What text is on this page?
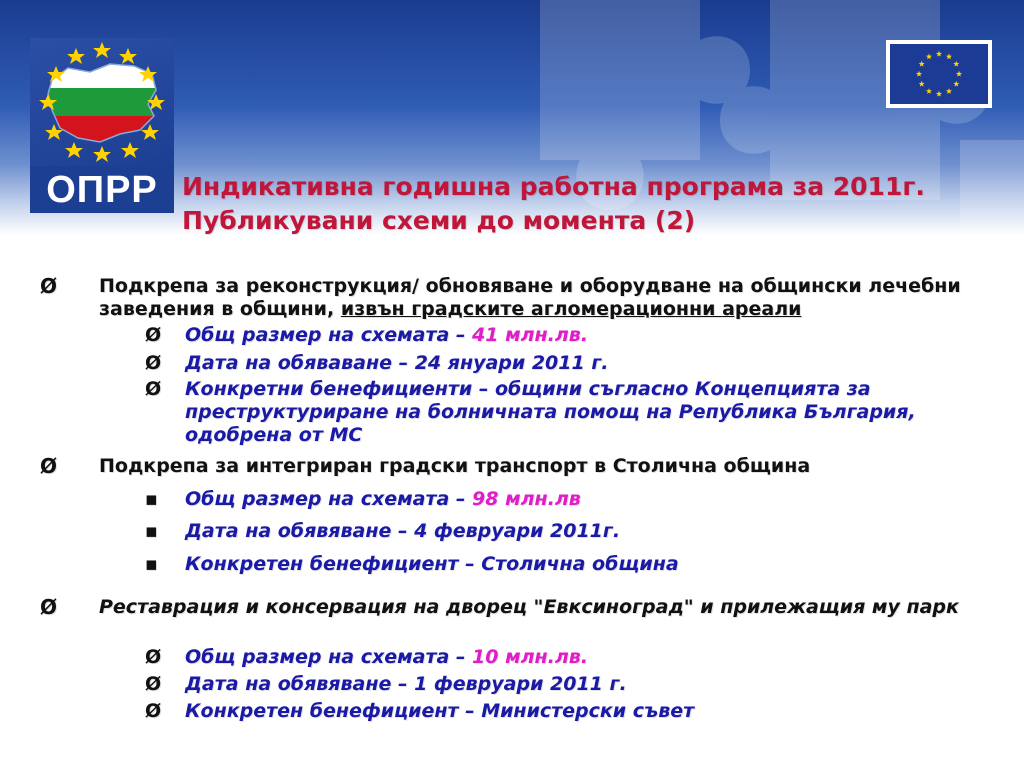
ОПРР Индикативна годишна работна програма за 2011г.
Публикувани схеми до момента (2)
Ø	Подкрепа за реконструкция/ обновяване и оборудване на общински лечебни заведения в общини, извън градските агломерационни ареали
Ø	Общ размер на схемата – 41 млн.лв.
Ø	Дата на обяваване – 24 януари 2011 г.
Ø	Конкретни бенефициенти – общини съгласно Концепцията за преструктуриране на болничната помощ на Република България, одобрена от МС
Ø	Подкрепа за интегриран градски транспорт в Столична община
▪	Общ размер на схемата – 98 млн.лв
▪	Дата на обявяване – 4 февруари 2011г.
▪	Конкретен бенефициент – Столична община
Ø	Реставрация и консервация на дворец "Евксиноград" и прилежащия му парк
Ø	Общ размер на схемата – 10 млн.лв.
Ø	Дата на обявяване – 1 февруари 2011 г.
Ø	Конкретен бенефициент – Министерски съвет
